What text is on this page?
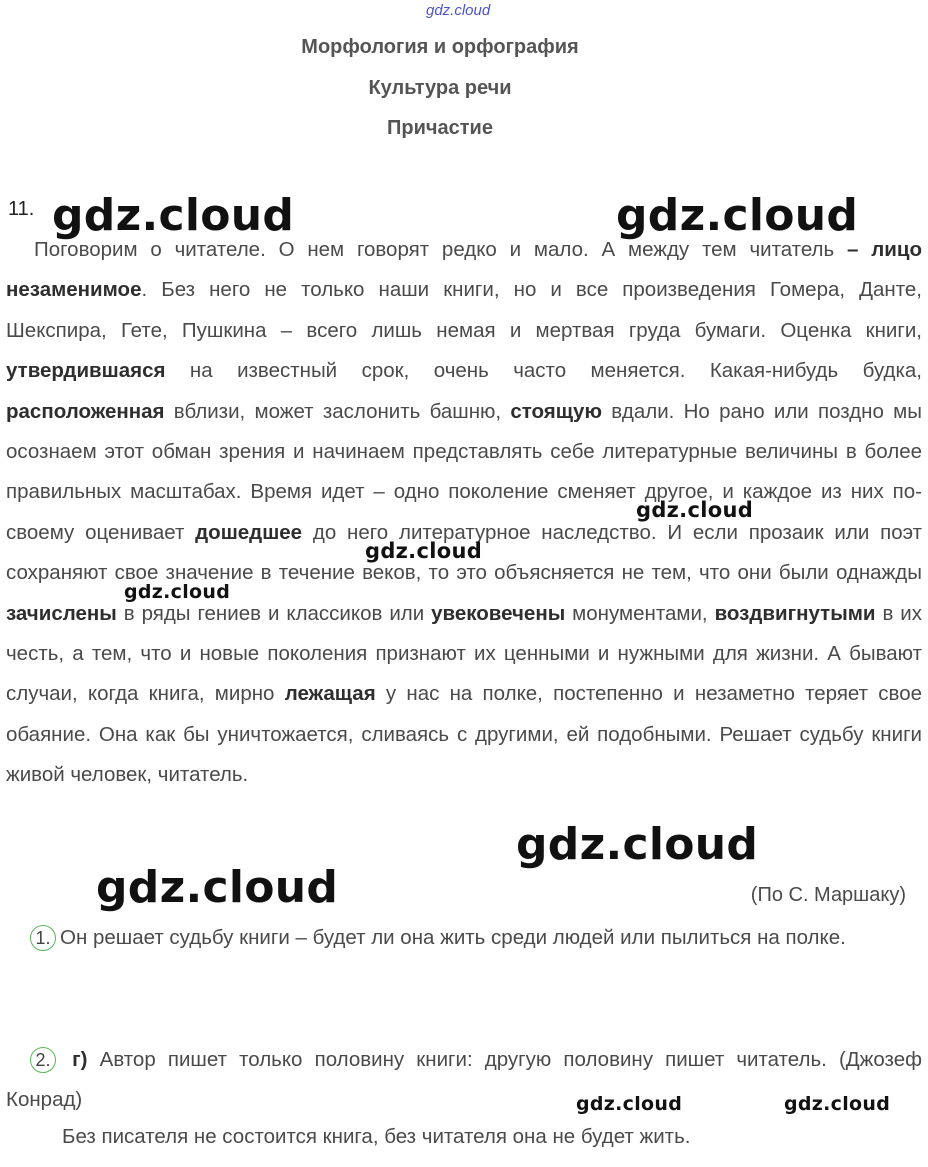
gdz.cloud
Морфология и орфография
Культура речи
Причастие
11.

Поговорим о читателе. О нем говорят редко и мало. А между тем читатель – лицо незаменимое. Без него не только наши книги, но и все произведения Гомера, Данте, Шекспира, Гете, Пушкина – всего лишь немая и мертвая груда бумаги. Оценка книги, утвердившаяся на известный срок, очень часто меняется. Какая-нибудь будка, расположенная вблизи, может заслонить башню, стоящую вдали. Но рано или поздно мы осознаем этот обман зрения и начинаем представлять себе литературные величины в более правильных масштабах. Время идет – одно поколение сменяет другое, и каждое из них по-своему оценивает дошедшее до него литературное наследство. И если прозаик или поэт сохраняют свое значение в течение веков, то это объясняется не тем, что они были однажды зачислены в ряды гениев и классиков или увековечены монументами, воздвигнутыми в их честь, а тем, что и новые поколения признают их ценными и нужными для жизни. А бывают случаи, когда книга, мирно лежащая у нас на полке, постепенно и незаметно теряет свое обаяние. Она как бы уничтожается, сливаясь с другими, ей подобными. Решает судьбу книги живой человек, читатель.

(По С. Маршаку)

1. Он решает судьбу книги – будет ли она жить среди людей или пылиться на полке.

2. г) Автор пишет только половину книги: другую половину пишет читатель. (Джозеф Конрад)

Без писателя не состоится книга, без читателя она не будет жить.
gdz.cloud	gdz.cloud
gdz.cloud
gdz.cloud
gdz.cloud
gdz.cloud
gdz.cloud
gdz.cloud	gdz.cloud
